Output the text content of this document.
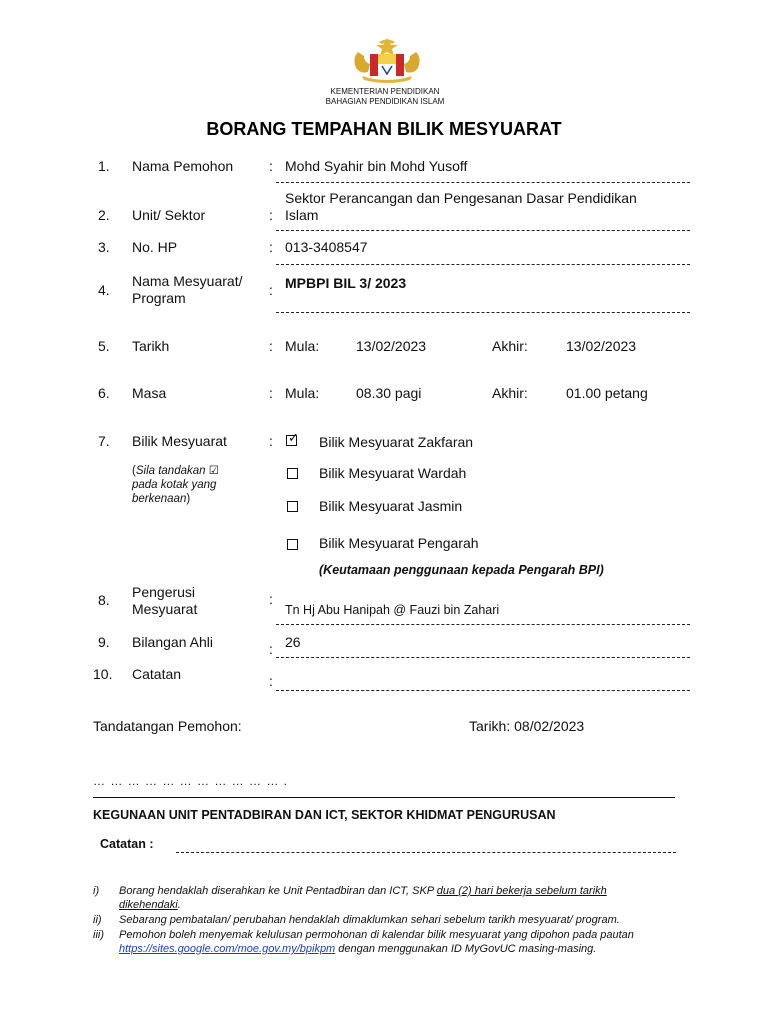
KEMENTERIAN PENDIDIKAN
BAHAGIAN PENDIDIKAN ISLAM
BORANG TEMPAHAN BILIK MESYUARAT
1.	Nama Pemohon	: Mohd Syahir bin Mohd Yusoff
2.	Unit/ Sektor	:
Sektor Perancangan dan Pengesanan Dasar Pendidikan
Islam
3.	No. HP	: 013-3408547
4.
Nama Mesyuarat/
Program	: MPBPI BIL 3/ 2023
5.	Tarikh	: Mula:	13/02/2023	Akhir:	13/02/2023
6.	Masa	: Mula:	08.30 pagi	Akhir:	01.00 petang
7.	Bilik Mesyuarat	:
(Sila tandakan ☑
pada kotak yang
berkenaan)
✓ Bilik Mesyuarat Zakfaran
Bilik Mesyuarat Wardah
Bilik Mesyuarat Jasmin
Bilik Mesyuarat Pengarah
(Keutamaan penggunaan kepada Pengarah BPI)
8.	Pengerusi
Mesyuarat
:
Tn Hj Abu Hanipah @ Fauzi bin Zahari
9.	Bilangan Ahli	: 26
10.	Catatan	:
Tandatangan Pemohon:	Tarikh: 08/02/2023
… … … … … … … … … … … .
KEGUNAAN UNIT PENTADBIRAN DAN ICT, SEKTOR KHIDMAT PENGURUSAN
Catatan :
i) Borang hendaklah diserahkan ke Unit Pentadbiran dan ICT, SKP dua (2) hari bekerja sebelum tarikh
dikehendaki.
ii) Sebarang pembatalan/ perubahan hendaklah dimaklumkan sehari sebelum tarikh mesyuarat/ program.
iii) Pemohon boleh menyemak kelulusan permohonan di kalendar bilik mesyuarat yang dipohon pada pautan
https://sites.google.com/moe.gov.my/bpikpm dengan menggunakan ID MyGovUC masing-masing.
